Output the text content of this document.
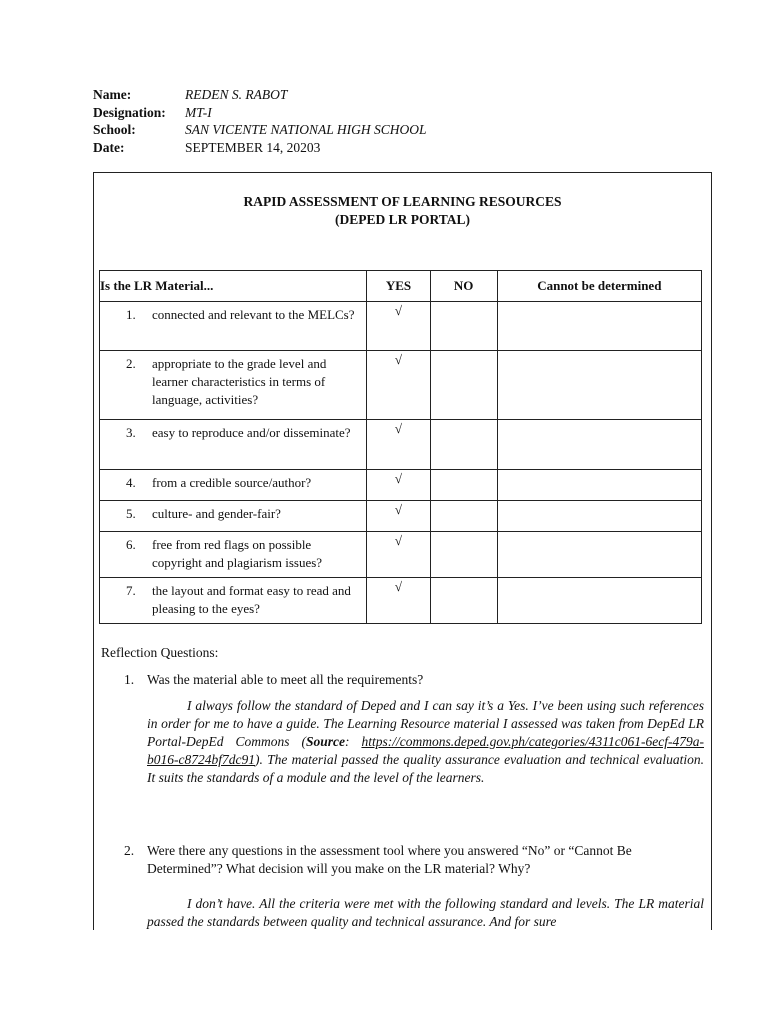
Name:	REDEN S. RABOT
Designation:	MT-I
School:	SAN VICENTE NATIONAL HIGH SCHOOL
Date:	SEPTEMBER 14, 20203
RAPID ASSESSMENT OF LEARNING RESOURCES
(DEPED LR PORTAL)
Is the LR Material...	YES	NO	Cannot be determined

1. connected and relevant to the MELCs?	√		

2. appropriate to the grade level and learner characteristics in terms of language, activities?	√		

3. easy to reproduce and/or disseminate?	√		

4. from a credible source/author?	√		

5. culture- and gender-fair?	√		

6. free from red flags on possible copyright and plagiarism issues?	√		

7. the layout and format easy to read and pleasing to the eyes?	√		
Reflection Questions:
1. Was the material able to meet all the requirements?
I always follow the standard of Deped and I can say it’s a Yes. I’ve been using such references in order for me to have a guide. The Learning Resource material I assessed was taken from DepEd LR Portal-DepEd Commons (Source: https://commons.deped.gov.ph/categories/4311c061-6ecf-479a-b016-c8724bf7dc91). The material passed the quality assurance evaluation and technical evaluation. It suits the standards of a module and the level of the learners.
2. Were there any questions in the assessment tool where you answered “No” or “Cannot Be Determined”? What decision will you make on the LR material? Why?
I don’t have. All the criteria were met with the following standard and levels. The LR material passed the standards between quality and technical assurance. And for sure
